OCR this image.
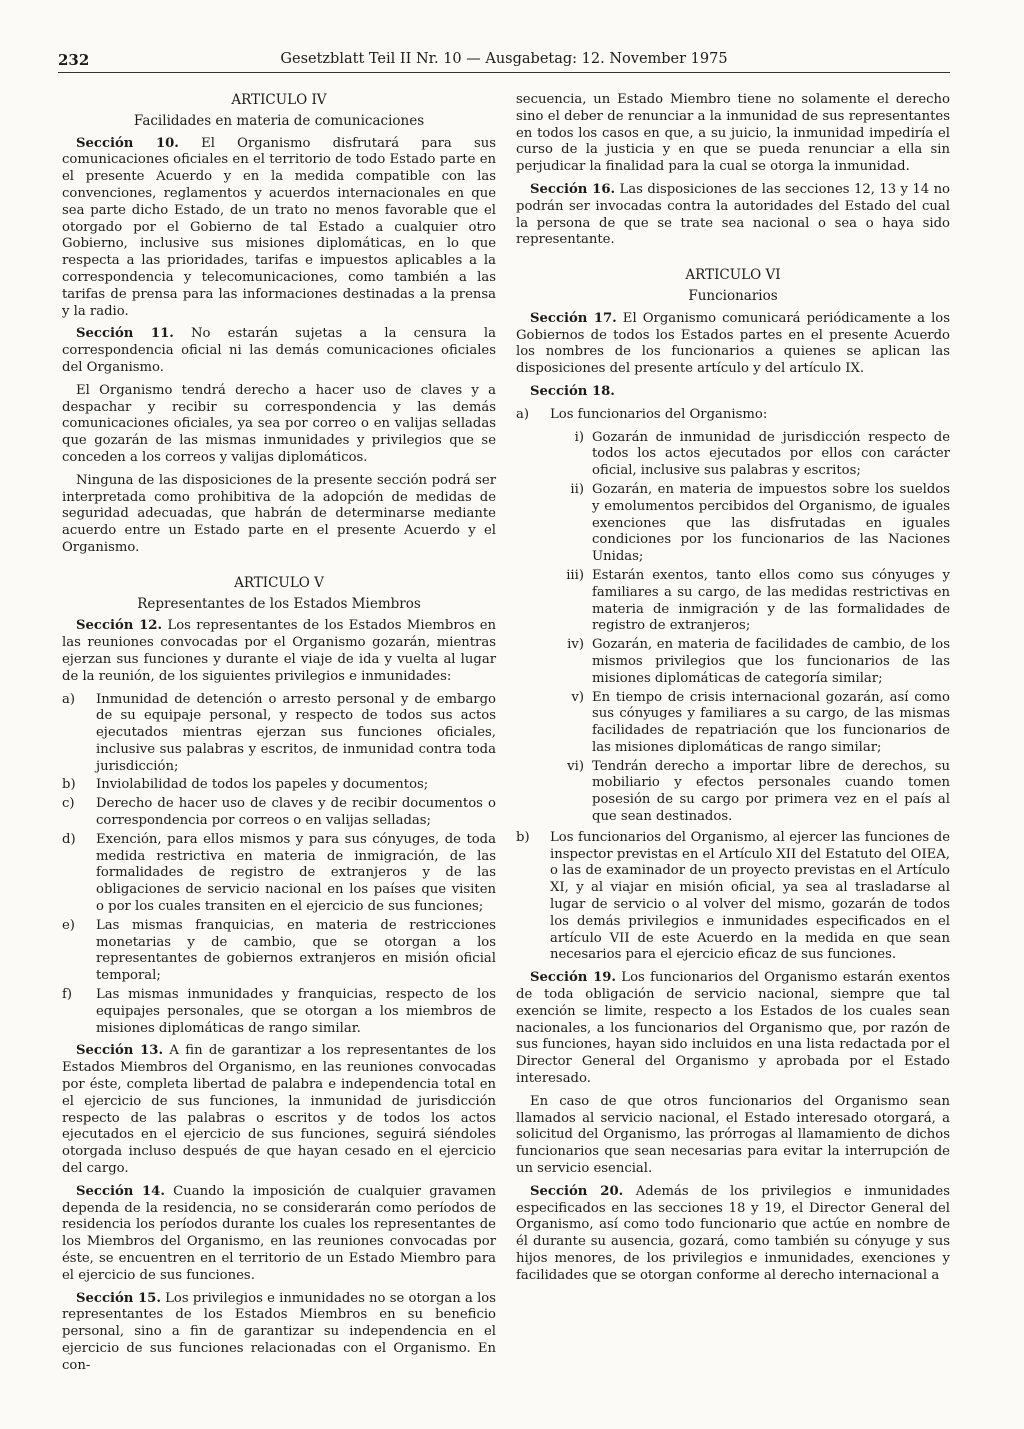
232	Gesetzblatt Teil II Nr. 10 — Ausgabetag: 12. November 1975
ARTICULO IV
Facilidades en materia de comunicaciones

Sección 10. El Organismo disfrutará para sus comunicaciones oficiales en el territorio de todo Estado parte en el presente Acuerdo y en la medida compatible con las convenciones, reglamentos y acuerdos internacionales en que sea parte dicho Estado, de un trato no menos favorable que el otorgado por el Gobierno de tal Estado a cualquier otro Gobierno, inclusive sus misiones diplomáticas, en lo que respecta a las prioridades, tarifas e impuestos aplicables a la correspondencia y telecomunicaciones, como también a las tarifas de prensa para las informaciones destinadas a la prensa y la radio.

Sección 11. No estarán sujetas a la censura la correspondencia oficial ni las demás comunicaciones oficiales del Organismo.

El Organismo tendrá derecho a hacer uso de claves y a despachar y recibir su correspondencia y las demás comunicaciones oficiales, ya sea por correo o en valijas selladas que gozarán de las mismas inmunidades y privilegios que se conceden a los correos y valijas diplomáticos.

Ninguna de las disposiciones de la presente sección podrá ser interpretada como prohibitiva de la adopción de medidas de seguridad adecuadas, que habrán de determinarse mediante acuerdo entre un Estado parte en el presente Acuerdo y el Organismo.

ARTICULO V
Representantes de los Estados Miembros

Sección 12. Los representantes de los Estados Miembros en las reuniones convocadas por el Organismo gozarán, mientras ejerzan sus funciones y durante el viaje de ida y vuelta al lugar de la reunión, de los siguientes privilegios e inmunidades:

a)	Inmunidad de detención o arresto personal y de embargo de su equipaje personal, y respecto de todos sus actos ejecutados mientras ejerzan sus funciones oficiales, inclusive sus palabras y escritos, de inmunidad contra toda jurisdicción;
b)	Inviolabilidad de todos los papeles y documentos;
c)	Derecho de hacer uso de claves y de recibir documentos o correspondencia por correos o en valijas selladas;
d)	Exención, para ellos mismos y para sus cónyuges, de toda medida restrictiva en materia de inmigración, de las formalidades de registro de extranjeros y de las obligaciones de servicio nacional en los países que visiten o por los cuales transiten en el ejercicio de sus funciones;
e)	Las mismas franquicias, en materia de restricciones monetarias y de cambio, que se otorgan a los representantes de gobiernos extranjeros en misión oficial temporal;
f)	Las mismas inmunidades y franquicias, respecto de los equipajes personales, que se otorgan a los miembros de misiones diplomáticas de rango similar.

Sección 13. A fin de garantizar a los representantes de los Estados Miembros del Organismo, en las reuniones convocadas por éste, completa libertad de palabra e independencia total en el ejercicio de sus funciones, la inmunidad de jurisdicción respecto de las palabras o escritos y de todos los actos ejecutados en el ejercicio de sus funciones, seguirá siéndoles otorgada incluso después de que hayan cesado en el ejercicio del cargo.

Sección 14. Cuando la imposición de cualquier gravamen dependa de la residencia, no se considerarán como períodos de residencia los períodos durante los cuales los representantes de los Miembros del Organismo, en las reuniones convocadas por éste, se encuentren en el territorio de un Estado Miembro para el ejercicio de sus funciones.

Sección 15. Los privilegios e inmunidades no se otorgan a los representantes de los Estados Miembros en su beneficio personal, sino a fin de garantizar su independencia en el ejercicio de sus funciones relacionadas con el Organismo. En con-

secuencia, un Estado Miembro tiene no solamente el derecho sino el deber de renunciar a la inmunidad de sus representantes en todos los casos en que, a su juicio, la inmunidad impediría el curso de la justicia y en que se pueda renunciar a ella sin perjudicar la finalidad para la cual se otorga la inmunidad.

Sección 16. Las disposiciones de las secciones 12, 13 y 14 no podrán ser invocadas contra la autoridades del Estado del cual la persona de que se trate sea nacional o sea o haya sido representante.

ARTICULO VI
Funcionarios

Sección 17. El Organismo comunicará periódicamente a los Gobiernos de todos los Estados partes en el presente Acuerdo los nombres de los funcionarios a quienes se aplican las disposiciones del presente artículo y del artículo IX.

Sección 18.

a)	Los funcionarios del Organismo:
i) Gozarán de inmunidad de jurisdicción respecto de todos los actos ejecutados por ellos con carácter oficial, inclusive sus palabras y escritos;
ii) Gozarán, en materia de impuestos sobre los sueldos y emolumentos percibidos del Organismo, de iguales exenciones que las disfrutadas en iguales condiciones por los funcionarios de las Naciones Unidas;
iii) Estarán exentos, tanto ellos como sus cónyuges y familiares a su cargo, de las medidas restrictivas en materia de inmigración y de las formalidades de registro de extranjeros;
iv) Gozarán, en materia de facilidades de cambio, de los mismos privilegios que los funcionarios de las misiones diplomáticas de categoría similar;
v) En tiempo de crisis internacional gozarán, así como sus cónyuges y familiares a su cargo, de las mismas facilidades de repatriación que los funcionarios de las misiones diplomáticas de rango similar;
vi) Tendrán derecho a importar libre de derechos, su mobiliario y efectos personales cuando tomen posesión de su cargo por primera vez en el país al que sean destinados.
b)	Los funcionarios del Organismo, al ejercer las funciones de inspector previstas en el Artículo XII del Estatuto del OIEA, o las de examinador de un proyecto previstas en el Artículo XI, y al viajar en misión oficial, ya sea al trasladarse al lugar de servicio o al volver del mismo, gozarán de todos los demás privilegios e inmunidades especificados en el artículo VII de este Acuerdo en la medida en que sean necesarios para el ejercicio eficaz de sus funciones.

Sección 19. Los funcionarios del Organismo estarán exentos de toda obligación de servicio nacional, siempre que tal exención se limite, respecto a los Estados de los cuales sean nacionales, a los funcionarios del Organismo que, por razón de sus funciones, hayan sido incluidos en una lista redactada por el Director General del Organismo y aprobada por el Estado interesado.

En caso de que otros funcionarios del Organismo sean llamados al servicio nacional, el Estado interesado otorgará, a solicitud del Organismo, las prórrogas al llamamiento de dichos funcionarios que sean necesarias para evitar la interrupción de un servicio esencial.

Sección 20. Además de los privilegios e inmunidades especificados en las secciones 18 y 19, el Director General del Organismo, así como todo funcionario que actúe en nombre de él durante su ausencia, gozará, como también su cónyuge y sus hijos menores, de los privilegios e inmunidades, exenciones y facilidades que se otorgan conforme al derecho internacional a
